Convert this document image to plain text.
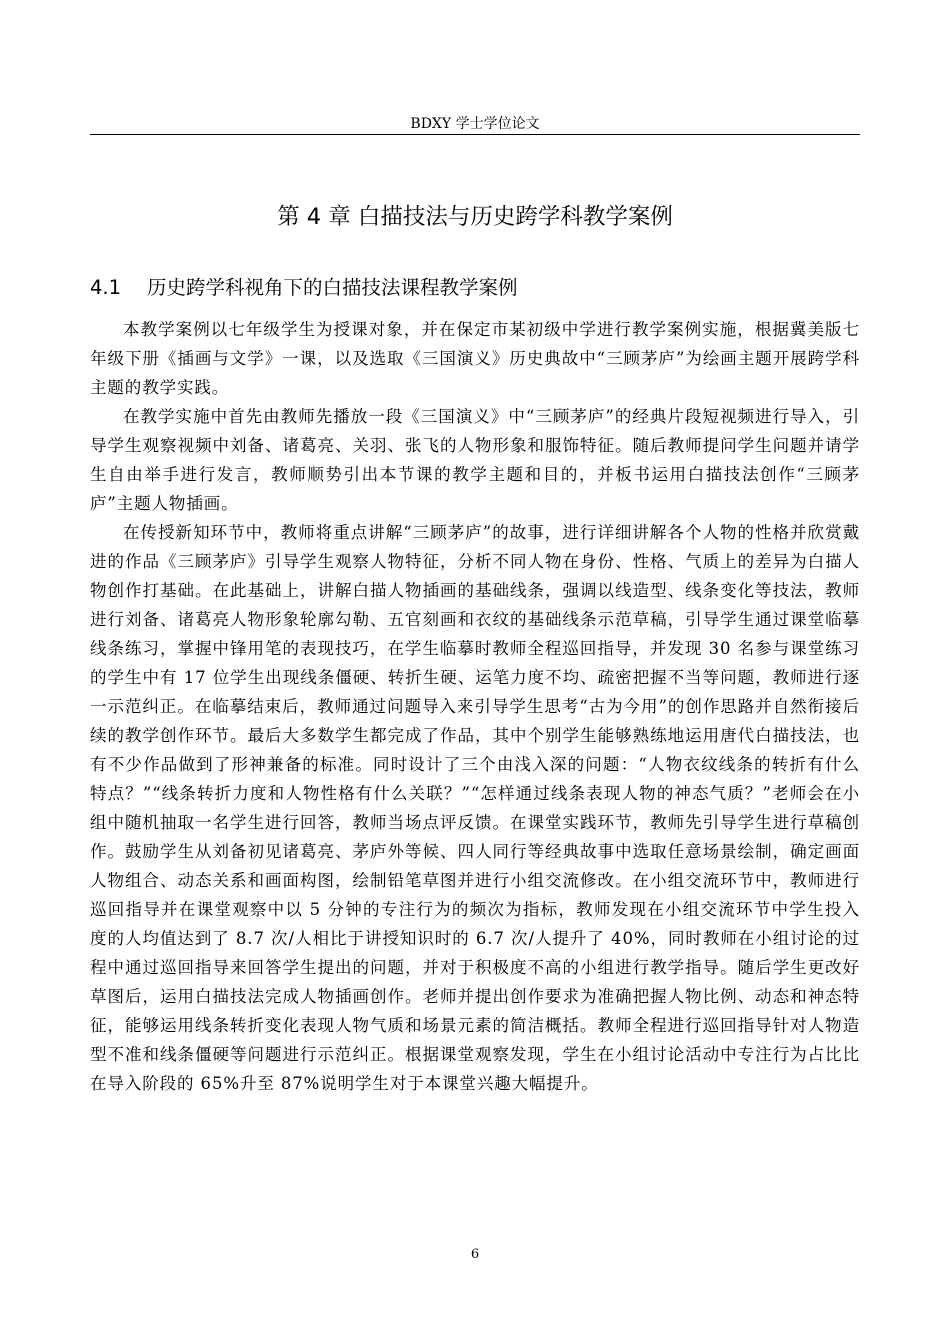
BDXY 学士学位论文
第 4 章 白描技法与历史跨学科教学案例
4.1 历史跨学科视角下的白描技法课程教学案例

本教学案例以七年级学生为授课对象，并在保定市某初级中学进行教学案例实施，根据冀美版七年级下册《插画与文学》一课，以及选取《三国演义》历史典故中“三顾茅庐”为绘画主题开展跨学科主题的教学实践。

在教学实施中首先由教师先播放一段《三国演义》中“三顾茅庐”的经典片段短视频进行导入，引导学生观察视频中刘备、诸葛亮、关羽、张飞的人物形象和服饰特征。随后教师提问学生问题并请学生自由举手进行发言，教师顺势引出本节课的教学主题和目的，并板书运用白描技法创作“三顾茅庐”主题人物插画。

在传授新知环节中，教师将重点讲解“三顾茅庐”的故事，进行详细讲解各个人物的性格并欣赏戴进的作品《三顾茅庐》引导学生观察人物特征，分析不同人物在身份、性格、气质上的差异为白描人物创作打基础。在此基础上，讲解白描人物插画的基础线条，强调以线造型、线条变化等技法，教师进行刘备、诸葛亮人物形象轮廓勾勒、五官刻画和衣纹的基础线条示范草稿，引导学生通过课堂临摹线条练习，掌握中锋用笔的表现技巧，在学生临摹时教师全程巡回指导，并发现 30 名参与课堂练习的学生中有 17 位学生出现线条僵硬、转折生硬、运笔力度不均、疏密把握不当等问题，教师进行逐一示范纠正。在临摹结束后，教师通过问题导入来引导学生思考“古为今用”的创作思路并自然衔接后续的教学创作环节。最后大多数学生都完成了作品，其中个别学生能够熟练地运用唐代白描技法，也有不少作品做到了形神兼备的标准。同时设计了三个由浅入深的问题：“人物衣纹线条的转折有什么特点？”“线条转折力度和人物性格有什么关联？”“怎样通过线条表现人物的神态气质？”老师会在小组中随机抽取一名学生进行回答，教师当场点评反馈。在课堂实践环节，教师先引导学生进行草稿创作。鼓励学生从刘备初见诸葛亮、茅庐外等候、四人同行等经典故事中选取任意场景绘制，确定画面人物组合、动态关系和画面构图，绘制铅笔草图并进行小组交流修改。在小组交流环节中，教师进行巡回指导并在课堂观察中以 5 分钟的专注行为的频次为指标，教师发现在小组交流环节中学生投入度的人均值达到了 8.7 次/人相比于讲授知识时的 6.7 次/人提升了 40%，同时教师在小组讨论的过程中通过巡回指导来回答学生提出的问题，并对于积极度不高的小组进行教学指导。随后学生更改好草图后，运用白描技法完成人物插画创作。老师并提出创作要求为准确把握人物比例、动态和神态特征，能够运用线条转折变化表现人物气质和场景元素的简洁概括。教师全程进行巡回指导针对人物造型不准和线条僵硬等问题进行示范纠正。根据课堂观察发现，学生在小组讨论活动中专注行为占比比在导入阶段的 65%升至 87%说明学生对于本课堂兴趣大幅提升。

6
